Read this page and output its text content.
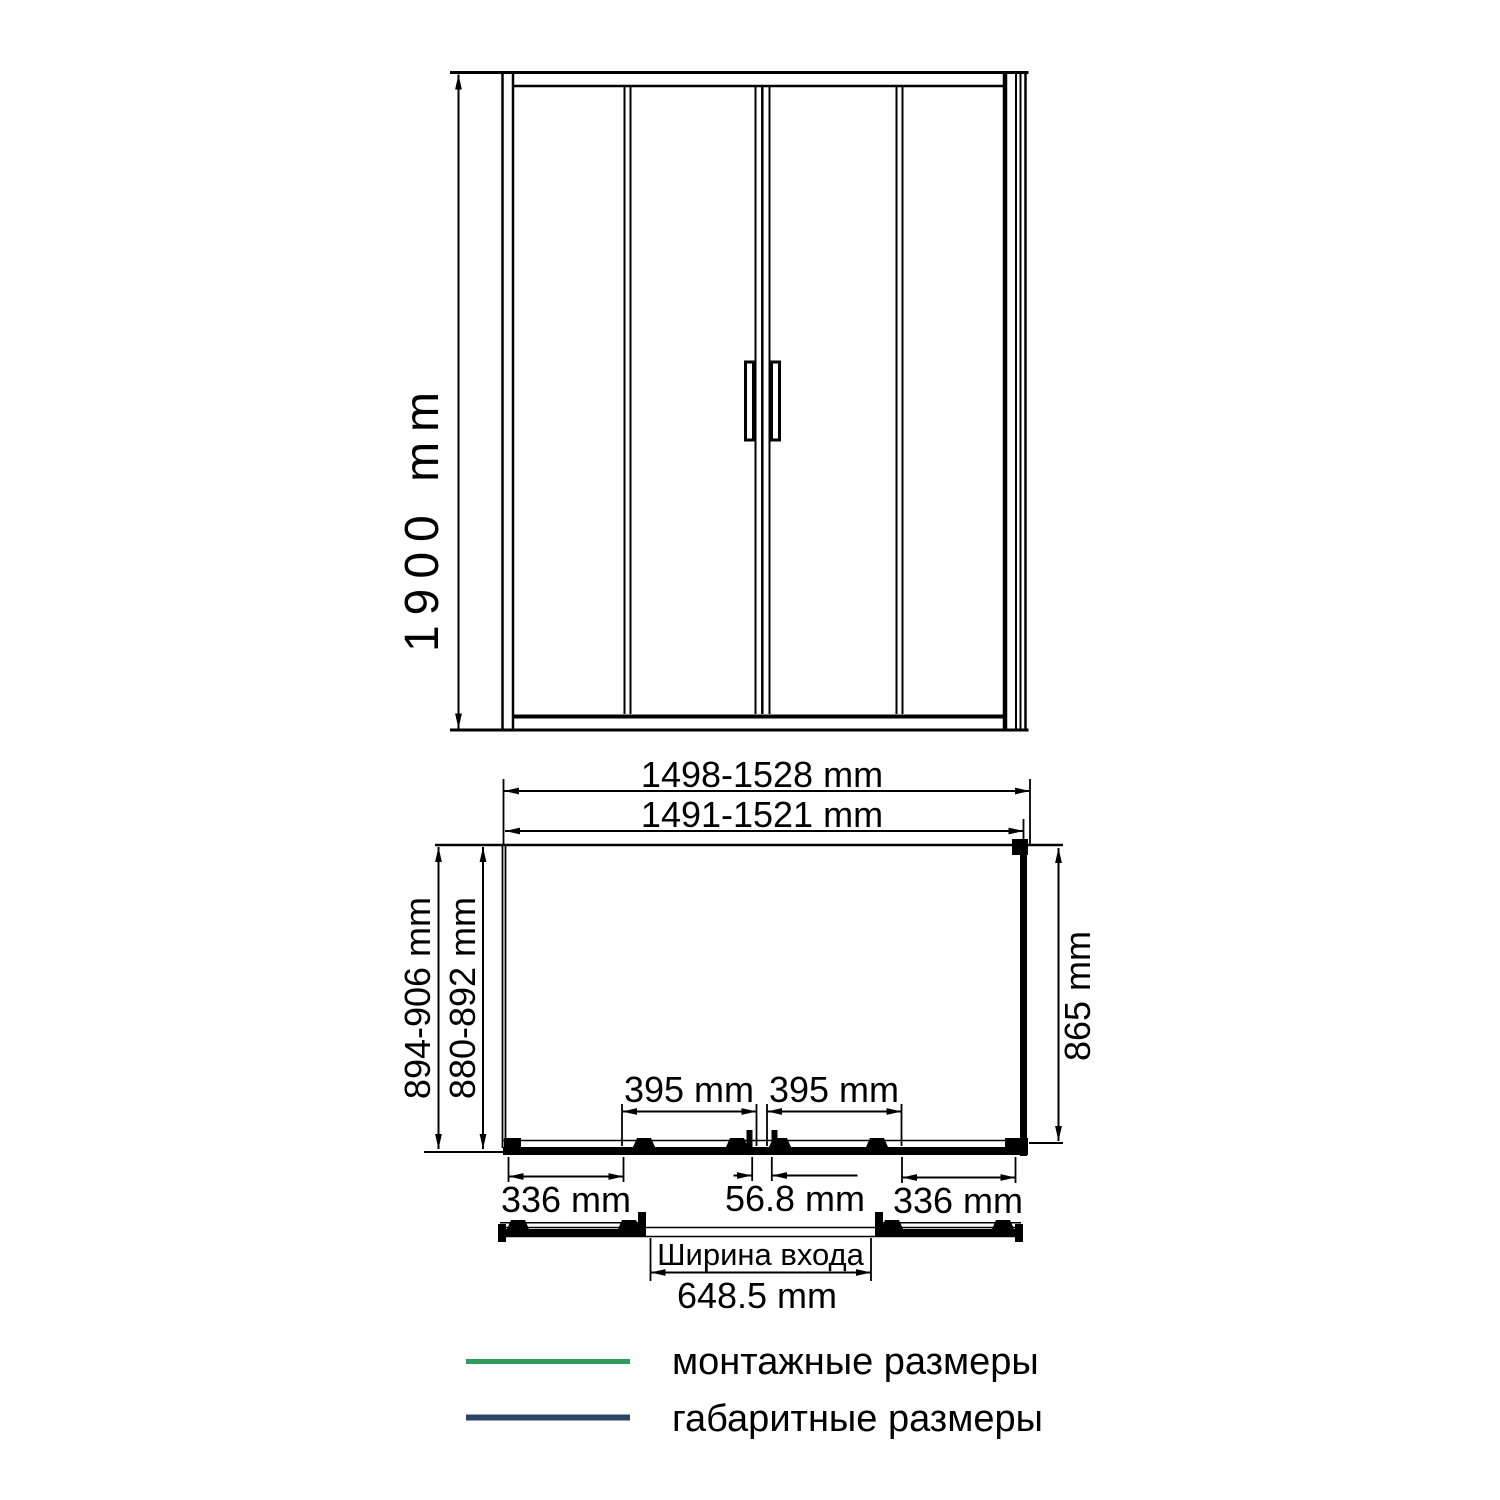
1900 mm
1498-1528 mm
1491-1521 mm
894-906 mm 880-892 mm	865 mm
395 mm 395 mm
336 mm	56.8 mm 336 mm
Ширина входа
648.5 mm
монтажные размеры
габаритные размеры
